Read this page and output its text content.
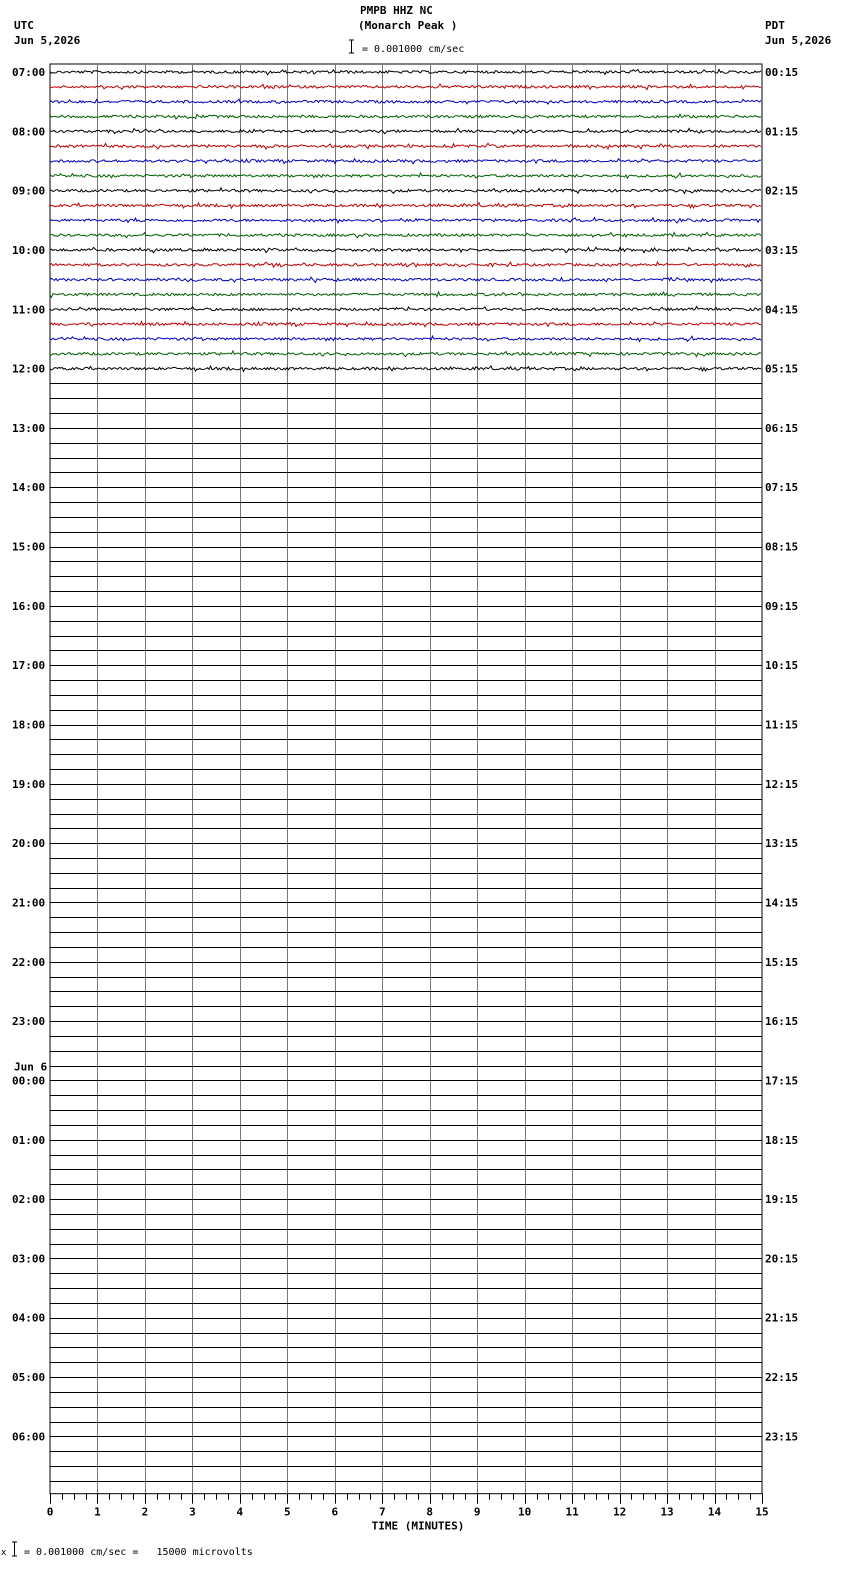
PMPB HHZ NC
(Monarch Peak )
UTC
Jun 5,2026
PDT
Jun 5,2026
= 0.001000 cm/sec
07:00	00:15
08:00	01:15
09:00	02:15
10:00	03:15
11:00	04:15
12:00	05:15
13:00	06:15
14:00	07:15
15:00	08:15
16:00	09:15
17:00	10:15
18:00	11:15
19:00	12:15
20:00	13:15
21:00	14:15
22:00	15:15
23:00	16:15
00:00	17:15
01:00	18:15
02:00	19:15
03:00	20:15
04:00	21:15
05:00	22:15
06:00	23:15
Jun 6
0	1	2	3	4	5	6	7	8	9	10	11	12	13	14	15
TIME (MINUTES)
x = 0.001000 cm/sec =   15000 microvolts
